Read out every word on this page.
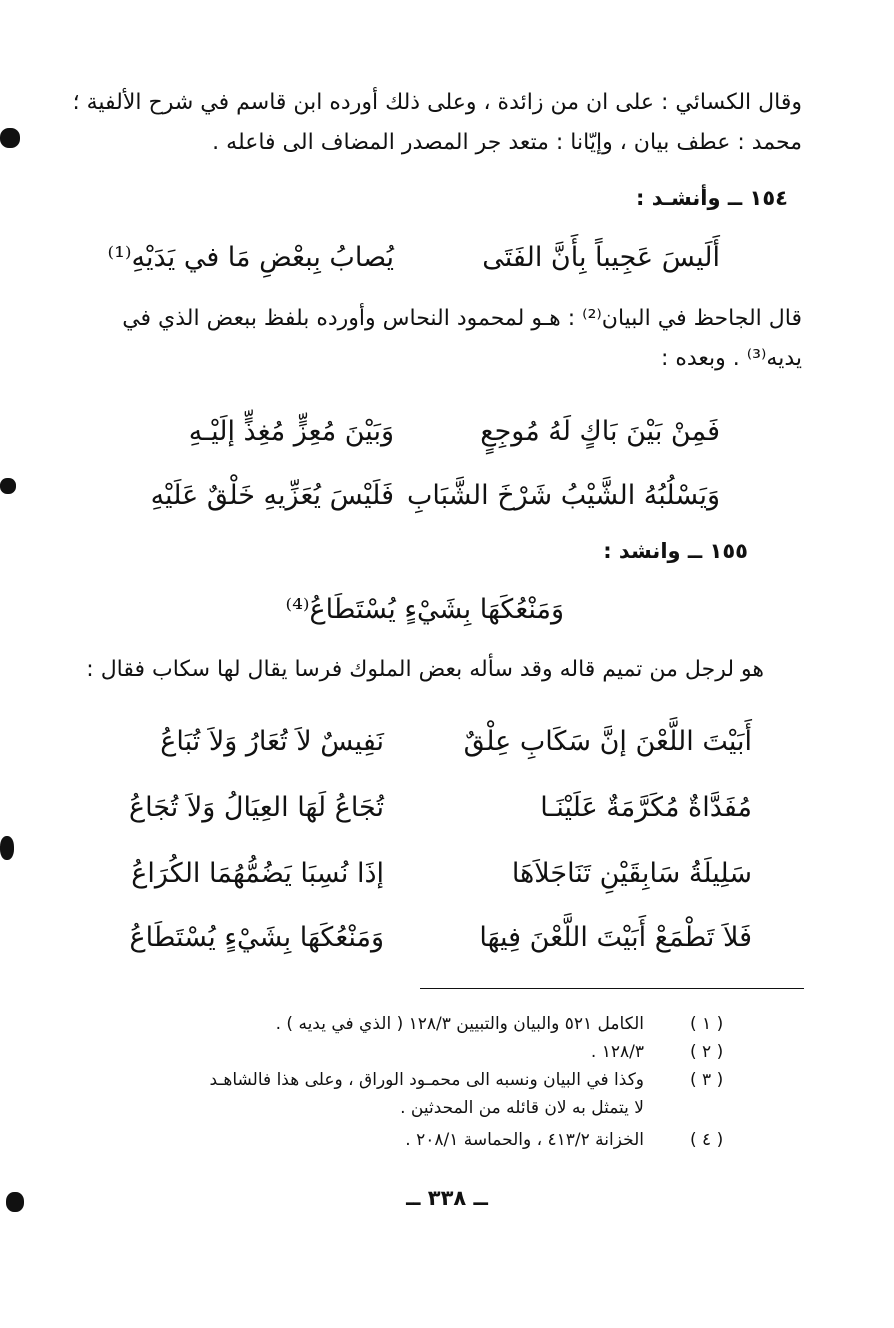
وقال الكسائي : على ان من زائدة ، وعلى ذلك أورده ابن قاسم في شرح الألفية ؛
محمد : عطف بيان ، وإيّانا : متعد جر المصدر المضاف الى فاعله .
١٥٤ ــ وأنشـد :
أَلَيسَ عَجِيباً بِأَنَّ الفَتَى
يُصابُ بِبعْضِ مَا في يَدَيْهِ⁽¹⁾
قال الجاحظ في البيان⁽²⁾ : هـو لمحمود النحاس وأورده بلفظ ببعض الذي في
يديه⁽³⁾ . وبعده :
فَمِنْ بَيْنَ بَاكٍ لَهُ مُوجِعٍ
وَبَيْنَ مُعِزٍّ مُغِذٍّ إلَيْـهِ
وَيَسْلُبُهُ الشَّيْبُ شَرْخَ الشَّبَابِ
فَلَيْسَ يُعَزِّيهِ خَلْقٌ عَلَيْهِ
١٥٥ ــ وانشد :
وَمَنْعُكَهَا بِشَيْءٍ يُسْتَطَاعُ⁽⁴⁾
هو لرجل من تميم قاله وقد سأله بعض الملوك فرسا يقال لها سكاب فقال :
أَبَيْتَ اللَّعْنَ إنَّ سَكَابِ عِلْقٌ
نَفِيسٌ لاَ تُعَارُ وَلاَ تُبَاعُ
مُفَدَّاةٌ مُكَرَّمَةٌ عَلَيْنَـا
تُجَاعُ لَهَا العِيَالُ وَلاَ تُجَاعُ
سَلِيلَةُ سَابِقَيْنِ تَنَاجَلاَهَا
إذَا نُسِبَا يَضُمُّهُمَا الكُرَاعُ
فَلاَ تَطْمَعْ أَبَيْتَ اللَّعْنَ فِيهَا
وَمَنْعُكَهَا بِشَيْءٍ يُسْتَطَاعُ
( ١ )
الكامل ٥٢١ والبيان والتبيين ١٢٨/٣ ( الذي في يديه ) .
( ٢ )
١٢٨/٣ .
( ٣ )
وكذا في البيان ونسبه الى محمـود الوراق ، وعلى هذا فالشاهـد
لا يتمثل به لان قائله من المحدثين .
( ٤ )
الخزانة ٤١٣/٢ ، والحماسة ٢٠٨/١ .
ــ ٣٣٨ ــ
